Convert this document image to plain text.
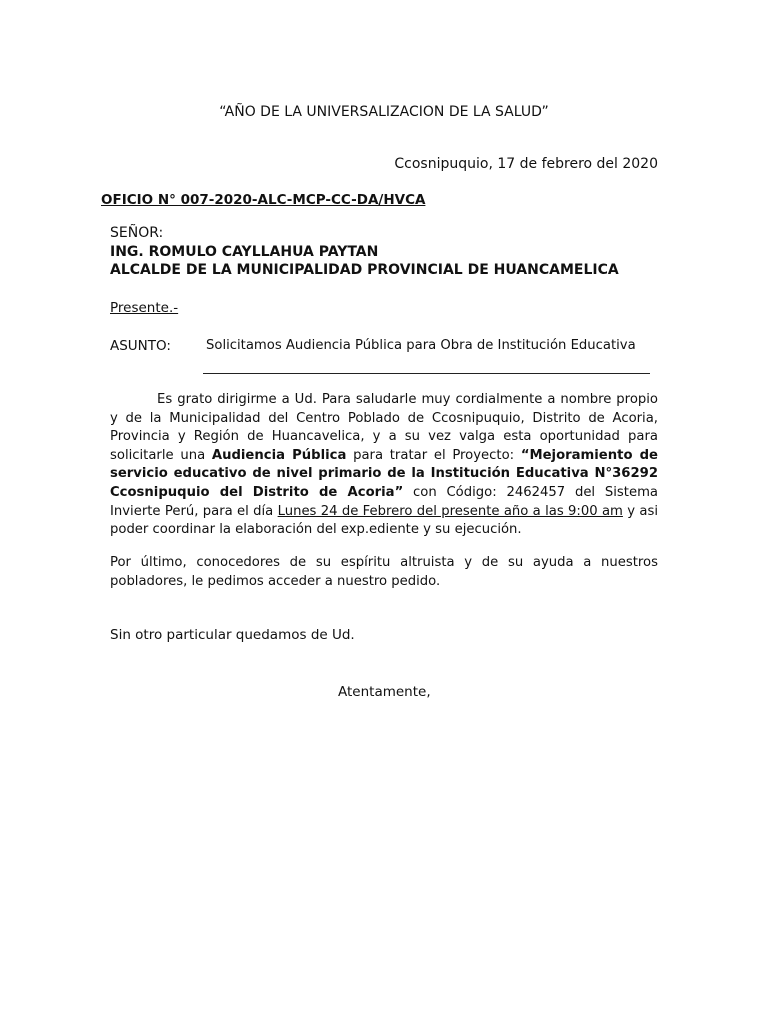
“AÑO DE LA UNIVERSALIZACION DE LA SALUD”
Ccosnipuquio, 17 de febrero del 2020
OFICIO N° 007-2020-ALC-MCP-CC-DA/HVCA
SEÑOR:
ING. ROMULO CAYLLAHUA PAYTAN
ALCALDE DE LA MUNICIPALIDAD PROVINCIAL DE HUANCAMELICA
Presente.-
ASUNTO:	Solicitamos Audiencia Pública para Obra de Institución Educativa
Es grato dirigirme a Ud. Para saludarle muy cordialmente a nombre propio y de la Municipalidad del Centro Poblado de Ccosnipuquio, Distrito de Acoria, Provincia y Región de Huancavelica, y a su vez valga esta oportunidad para solicitarle una Audiencia Pública para tratar el Proyecto: “Mejoramiento de servicio educativo de nivel primario de la Institución Educativa N°36292 Ccosnipuquio del Distrito de Acoria” con Código: 2462457 del Sistema Invierte Perú, para el día Lunes 24 de Febrero del presente año a las 9:00 am y asi poder coordinar la elaboración del exp.ediente y su ejecución.
Por último, conocedores de su espíritu altruista y de su ayuda a nuestros pobladores, le pedimos acceder a nuestro pedido.
Sin otro particular quedamos de Ud.
Atentamente,
